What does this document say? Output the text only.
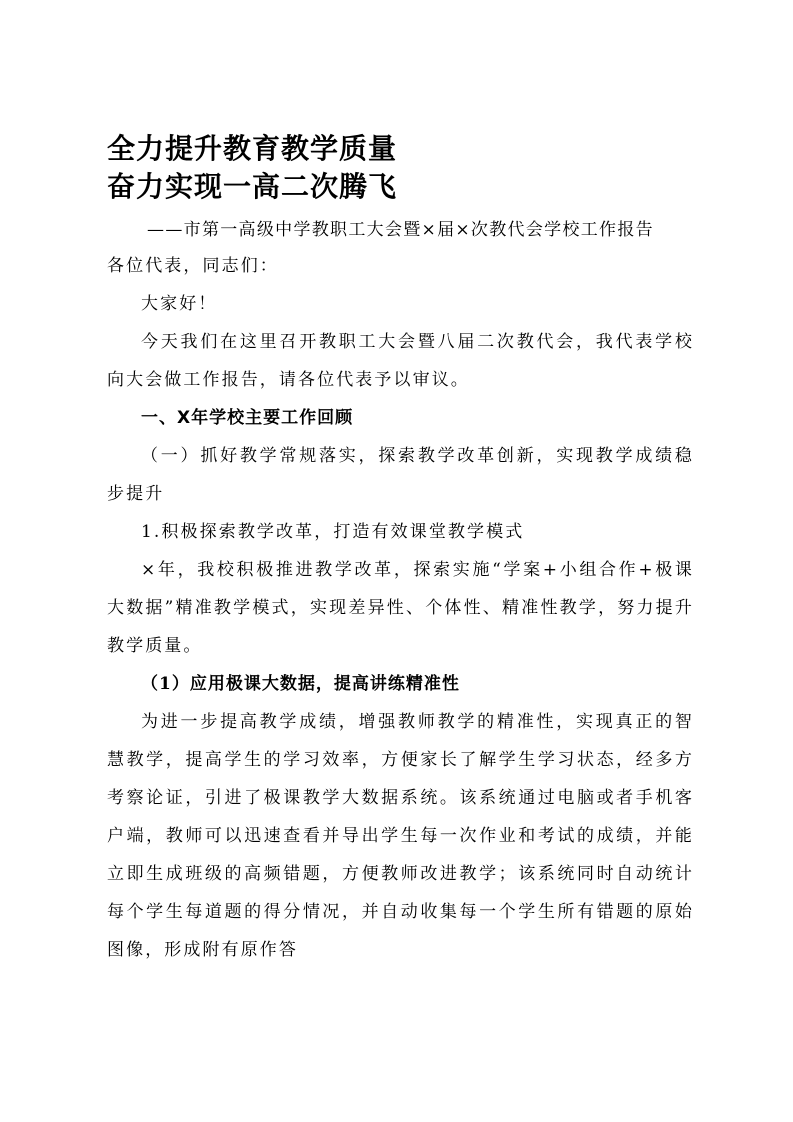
全力提升教育教学质量
奋力实现一高二次腾飞
——市第一高级中学教职工大会暨×届×次教代会学校工作报告

各位代表，同志们：

大家好！

今天我们在这里召开教职工大会暨八届二次教代会，我代表学校向大会做工作报告，请各位代表予以审议。

一、X年学校主要工作回顾

（一）抓好教学常规落实，探索教学改革创新，实现教学成绩稳步提升

1.积极探索教学改革，打造有效课堂教学模式

×年，我校积极推进教学改革，探索实施“学案+小组合作+极课大数据”精准教学模式，实现差异性、个体性、精准性教学，努力提升教学质量。

（1）应用极课大数据，提高讲练精准性

为进一步提高教学成绩，增强教师教学的精准性，实现真正的智慧教学，提高学生的学习效率，方便家长了解学生学习状态，经多方考察论证，引进了极课教学大数据系统。该系统通过电脑或者手机客户端，教师可以迅速查看并导出学生每一次作业和考试的成绩，并能立即生成班级的高频错题，方便教师改进教学；该系统同时自动统计每个学生每道题的得分情况，并自动收集每一个学生所有错题的原始图像，形成附有原作答
